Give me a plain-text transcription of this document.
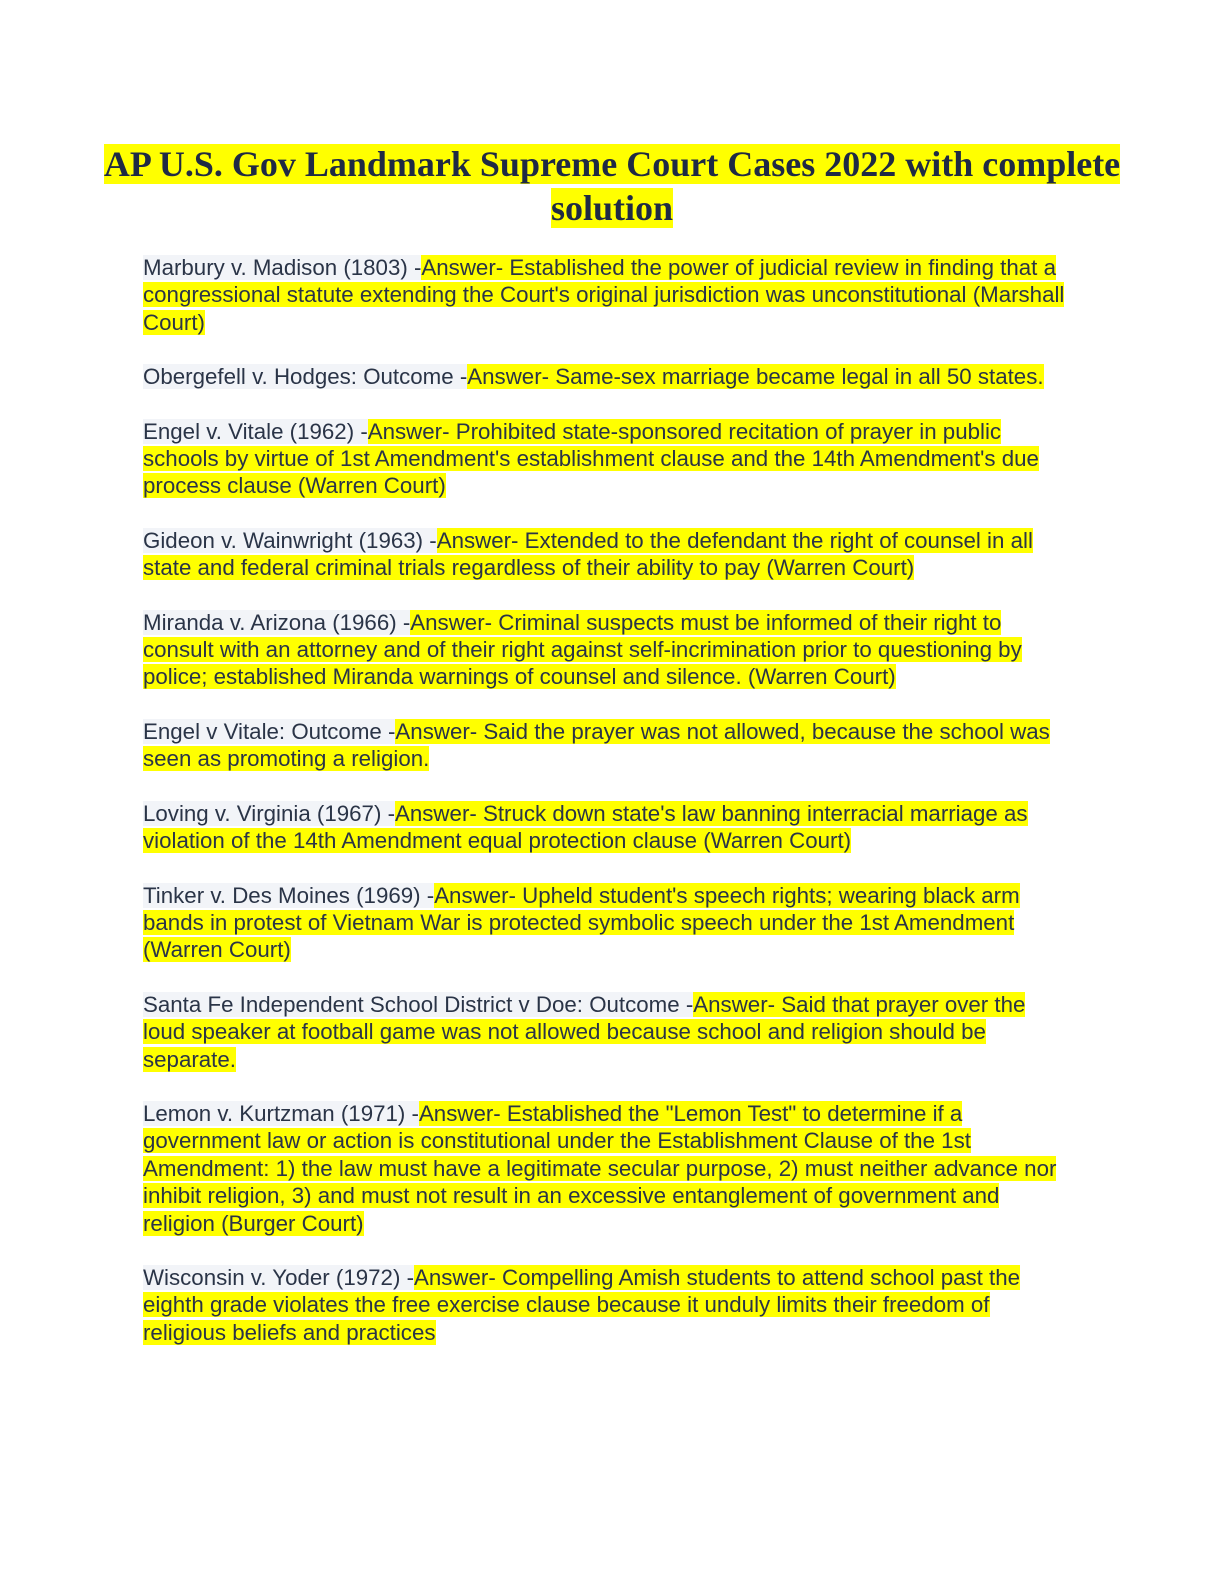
AP U.S. Gov Landmark Supreme Court Cases 2022 with complete solution
Marbury v. Madison (1803) -Answer- Established the power of judicial review in finding that a congressional statute extending the Court's original jurisdiction was unconstitutional (Marshall Court)
Obergefell v. Hodges: Outcome -Answer- Same-sex marriage became legal in all 50 states.
Engel v. Vitale (1962) -Answer- Prohibited state-sponsored recitation of prayer in public schools by virtue of 1st Amendment's establishment clause and the 14th Amendment's due process clause (Warren Court)
Gideon v. Wainwright (1963) -Answer- Extended to the defendant the right of counsel in all state and federal criminal trials regardless of their ability to pay (Warren Court)
Miranda v. Arizona (1966) -Answer- Criminal suspects must be informed of their right to consult with an attorney and of their right against self-incrimination prior to questioning by police; established Miranda warnings of counsel and silence. (Warren Court)
Engel v Vitale: Outcome -Answer- Said the prayer was not allowed, because the school was seen as promoting a religion.
Loving v. Virginia (1967) -Answer- Struck down state's law banning interracial marriage as violation of the 14th Amendment equal protection clause (Warren Court)
Tinker v. Des Moines (1969) -Answer- Upheld student's speech rights; wearing black arm bands in protest of Vietnam War is protected symbolic speech under the 1st Amendment (Warren Court)
Santa Fe Independent School District v Doe: Outcome -Answer- Said that prayer over the loud speaker at football game was not allowed because school and religion should be separate.
Lemon v. Kurtzman (1971) -Answer- Established the "Lemon Test" to determine if a government law or action is constitutional under the Establishment Clause of the 1st Amendment: 1) the law must have a legitimate secular purpose, 2) must neither advance nor inhibit religion, 3) and must not result in an excessive entanglement of government and religion (Burger Court)
Wisconsin v. Yoder (1972) -Answer- Compelling Amish students to attend school past the eighth grade violates the free exercise clause because it unduly limits their freedom of religious beliefs and practices
